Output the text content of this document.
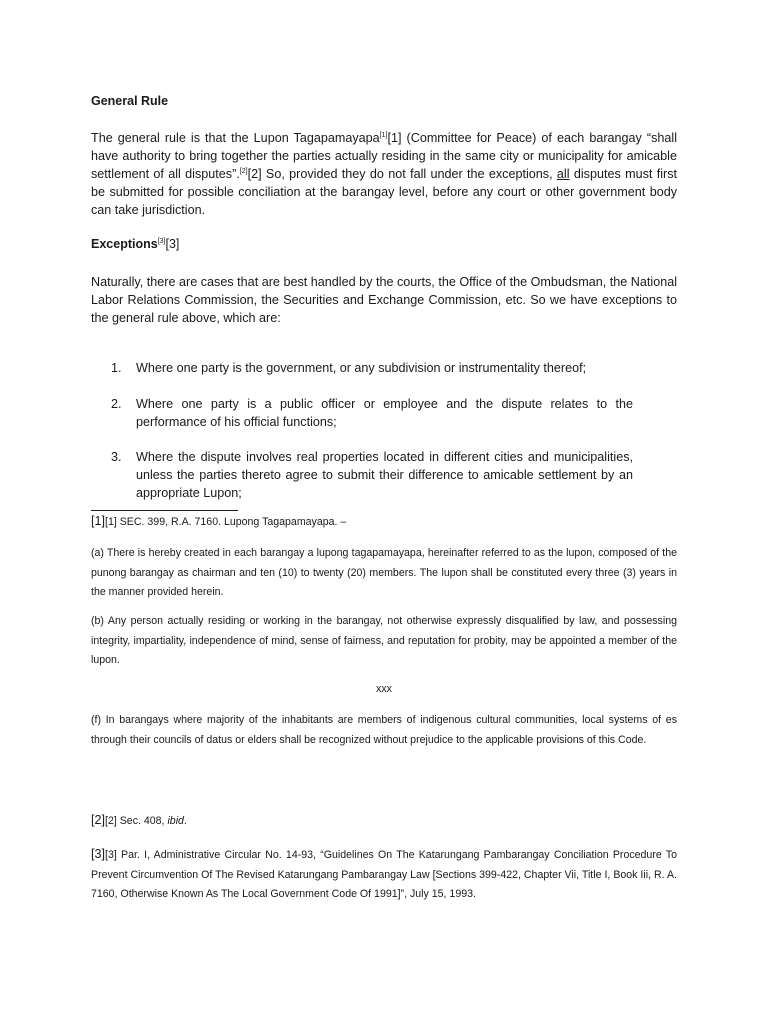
General Rule
The general rule is that the Lupon Tagapamayapa[1][1] (Committee for Peace) of each barangay “shall have authority to bring together the parties actually residing in the same city or municipality for amicable settlement of all disputes”.[2][2] So, provided they do not fall under the exceptions, all disputes must first be submitted for possible conciliation at the barangay level, before any court or other government body can take jurisdiction.
Exceptions[3][3]
Naturally, there are cases that are best handled by the courts, the Office of the Ombudsman, the National Labor Relations Commission, the Securities and Exchange Commission, etc. So we have exceptions to the general rule above, which are:
1. Where one party is the government, or any subdivision or instrumentality thereof;
2. Where one party is a public officer or employee and the dispute relates to the performance of his official functions;
3. Where the dispute involves real properties located in different cities and municipalities, unless the parties thereto agree to submit their difference to amicable settlement by an appropriate Lupon;
[1][1] SEC. 399, R.A. 7160. Lupong Tagapamayapa. –
(a) There is hereby created in each barangay a lupong tagapamayapa, hereinafter referred to as the lupon, composed of the punong barangay as chairman and ten (10) to twenty (20) members. The lupon shall be constituted every three (3) years in the manner provided herein.
(b) Any person actually residing or working in the barangay, not otherwise expressly disqualified by law, and possessing integrity, impartiality, independence of mind, sense of fairness, and reputation for probity, may be appointed a member of the lupon.
xxx
(f) In barangays where majority of the inhabitants are members of indigenous cultural communities, local systems of es through their councils of datus or elders shall be recognized without prejudice to the applicable provisions of this Code.
[2][2] Sec. 408, ibid.
[3][3] Par. I, Administrative Circular No. 14-93, “Guidelines On The Katarungang Pambarangay Conciliation Procedure To Prevent Circumvention Of The Revised Katarungang Pambarangay Law [Sections 399-422, Chapter Vii, Title I, Book Iii, R. A. 7160, Otherwise Known As The Local Government Code Of 1991]”, July 15, 1993.
